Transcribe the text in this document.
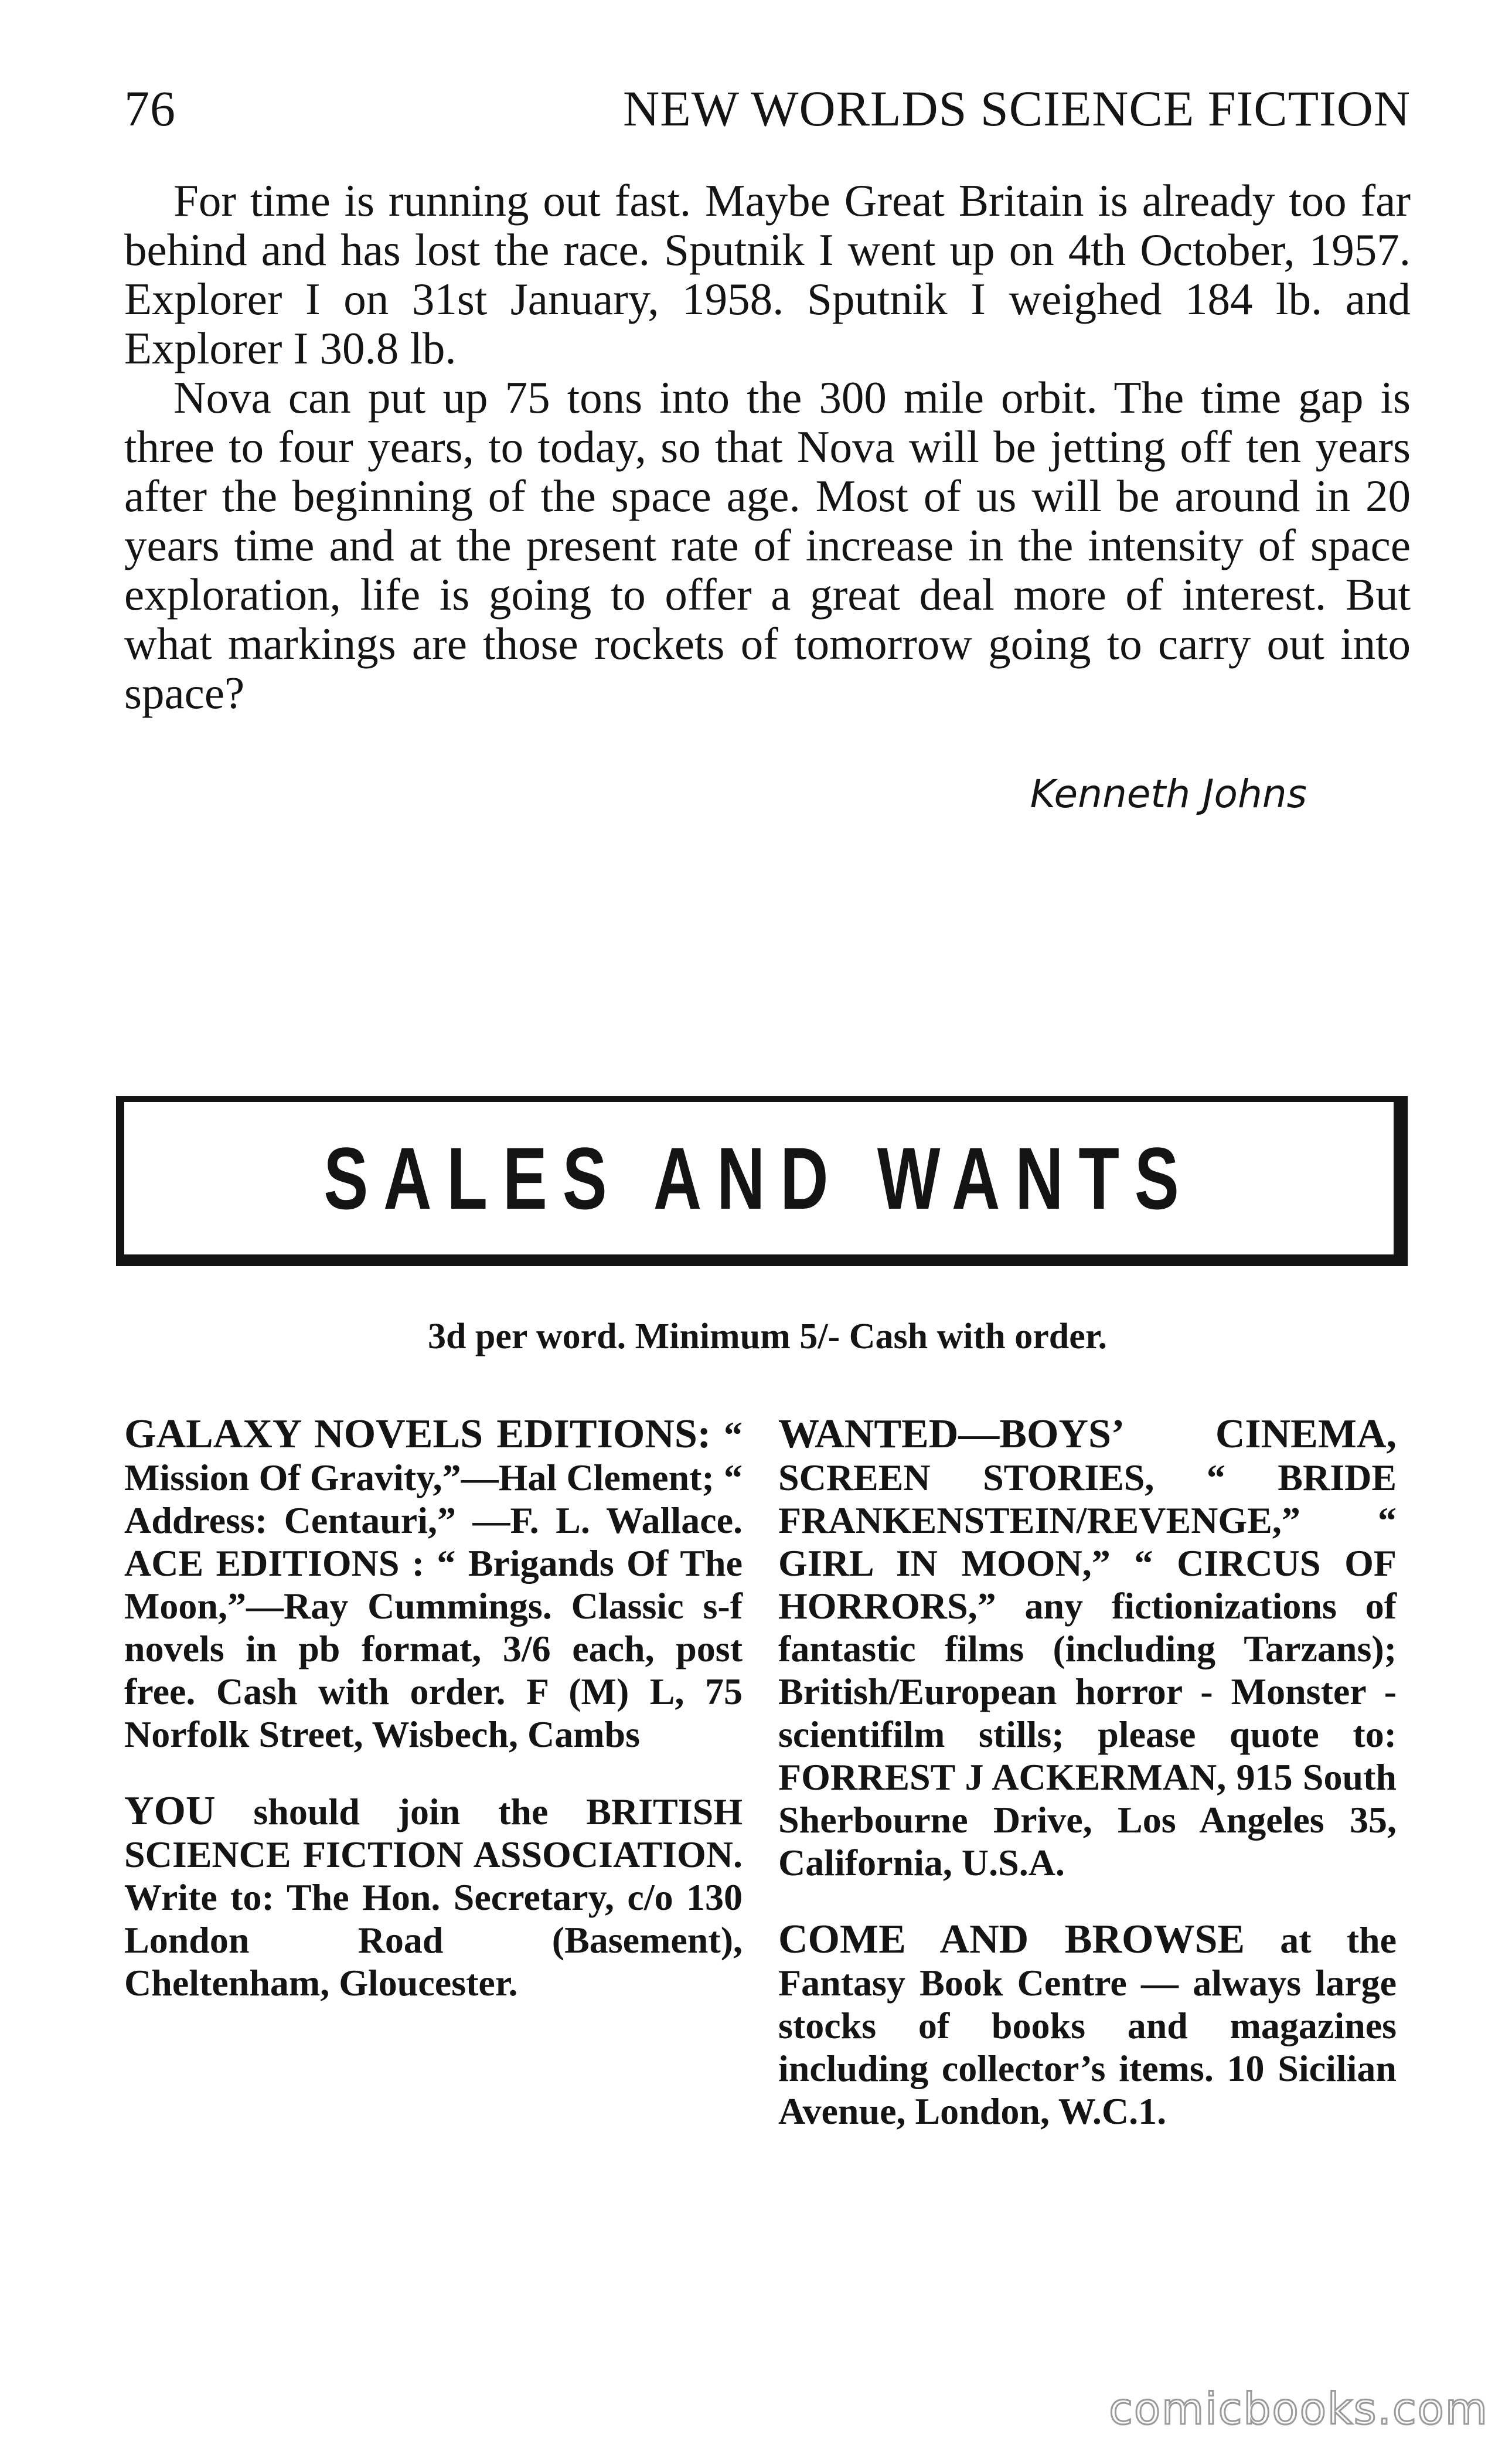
76	NEW WORLDS SCIENCE FICTION

For time is running out fast. Maybe Great Britain is already too far behind and has lost the race. Sputnik I went up on 4th October, 1957. Explorer I on 31st January, 1958. Sputnik I weighed 184 lb. and Explorer I 30.8 lb.

Nova can put up 75 tons into the 300 mile orbit. The time gap is three to four years, to today, so that Nova will be jetting off ten years after the beginning of the space age. Most of us will be around in 20 years time and at the present rate of increase in the intensity of space exploration, life is going to offer a great deal more of interest. But what markings are those rockets of tomorrow going to carry out into space?

Kenneth Johns
SALES AND WANTS
3d per word. Minimum 5/- Cash with order.

GALAXY NOVELS EDITIONS: “ Mission Of Gravity,”—Hal Clement; “ Address: Centauri,” —F. L. Wallace. ACE EDITIONS : “ Brigands Of The Moon,”—Ray Cummings. Classic s-f novels in pb format, 3/6 each, post free. Cash with order. F (M) L, 75 Norfolk Street, Wisbech, Cambs

YOU should join the BRITISH SCIENCE FICTION ASSOCIATION. Write to: The Hon. Secretary, c/o 130 London Road (Basement), Cheltenham, Gloucester.

WANTED—BOYS’ CINEMA, SCREEN STORIES, “ BRIDE FRANKENSTEIN/REVENGE,” “ GIRL IN MOON,” “ CIRCUS OF HORRORS,” any fictionizations of fantastic films (including Tarzans); British/European horror - Monster - scientifilm stills; please quote to: FORREST J ACKERMAN, 915 South Sherbourne Drive, Los Angeles 35, California, U.S.A.

COME AND BROWSE at the Fantasy Book Centre — always large stocks of books and magazines including collector’s items. 10 Sicilian Avenue, London, W.C.1.

comicbooks.com
